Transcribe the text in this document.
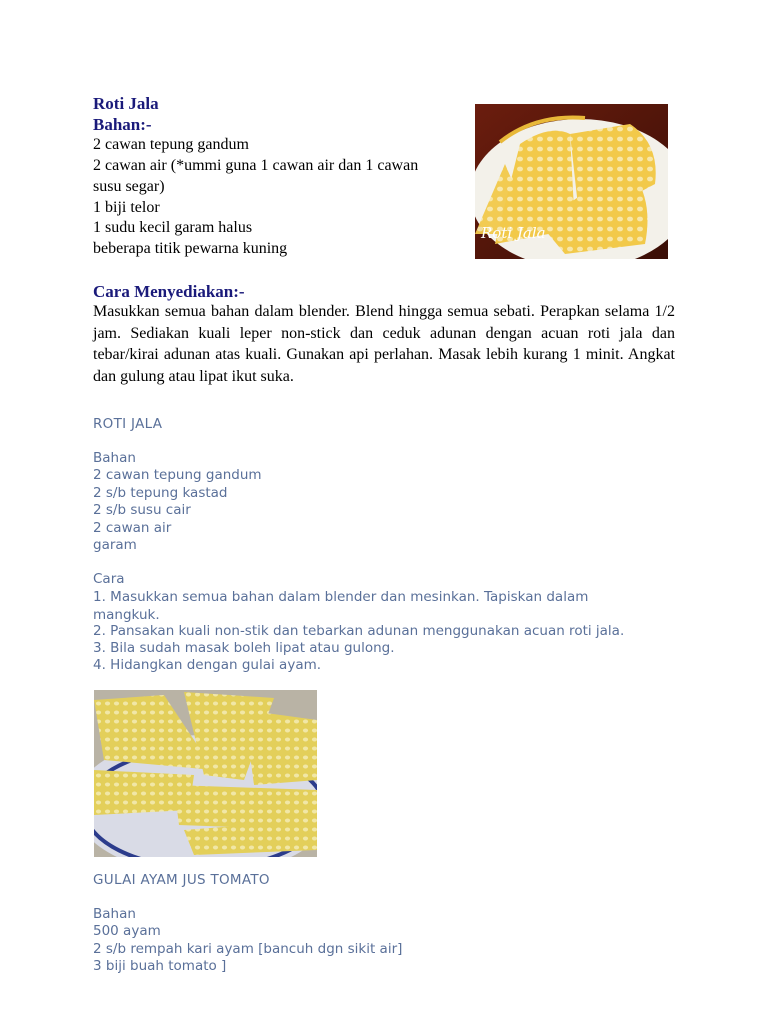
Roti Jala
Bahan:-
2 cawan tepung gandum
2 cawan air (*ummi guna 1 cawan air dan 1 cawan
susu segar)
1 biji telor
1 sudu kecil garam halus
beberapa titik pewarna kuning
Roti Jala
Cara Menyediakan:-
Masukkan semua bahan dalam blender. Blend hingga semua sebati. Perapkan selama 1/2 jam. Sediakan kuali leper non-stick dan ceduk adunan dengan acuan roti jala dan tebar/kirai adunan atas kuali. Gunakan api perlahan. Masak lebih kurang 1 minit. Angkat dan gulung atau lipat ikut suka.
ROTI JALA
Bahan
2 cawan tepung gandum
2 s/b tepung kastad
2 s/b susu cair
2 cawan air
garam
Cara
1. Masukkan semua bahan dalam blender dan mesinkan. Tapiskan dalam mangkuk.
2. Pansakan kuali non-stik dan tebarkan adunan menggunakan acuan roti jala.
3. Bila sudah masak boleh lipat atau gulong.
4. Hidangkan dengan gulai ayam.
GULAI AYAM JUS TOMATO
Bahan
500 ayam
2 s/b rempah kari ayam [bancuh dgn sikit air]
3 biji buah tomato ]
